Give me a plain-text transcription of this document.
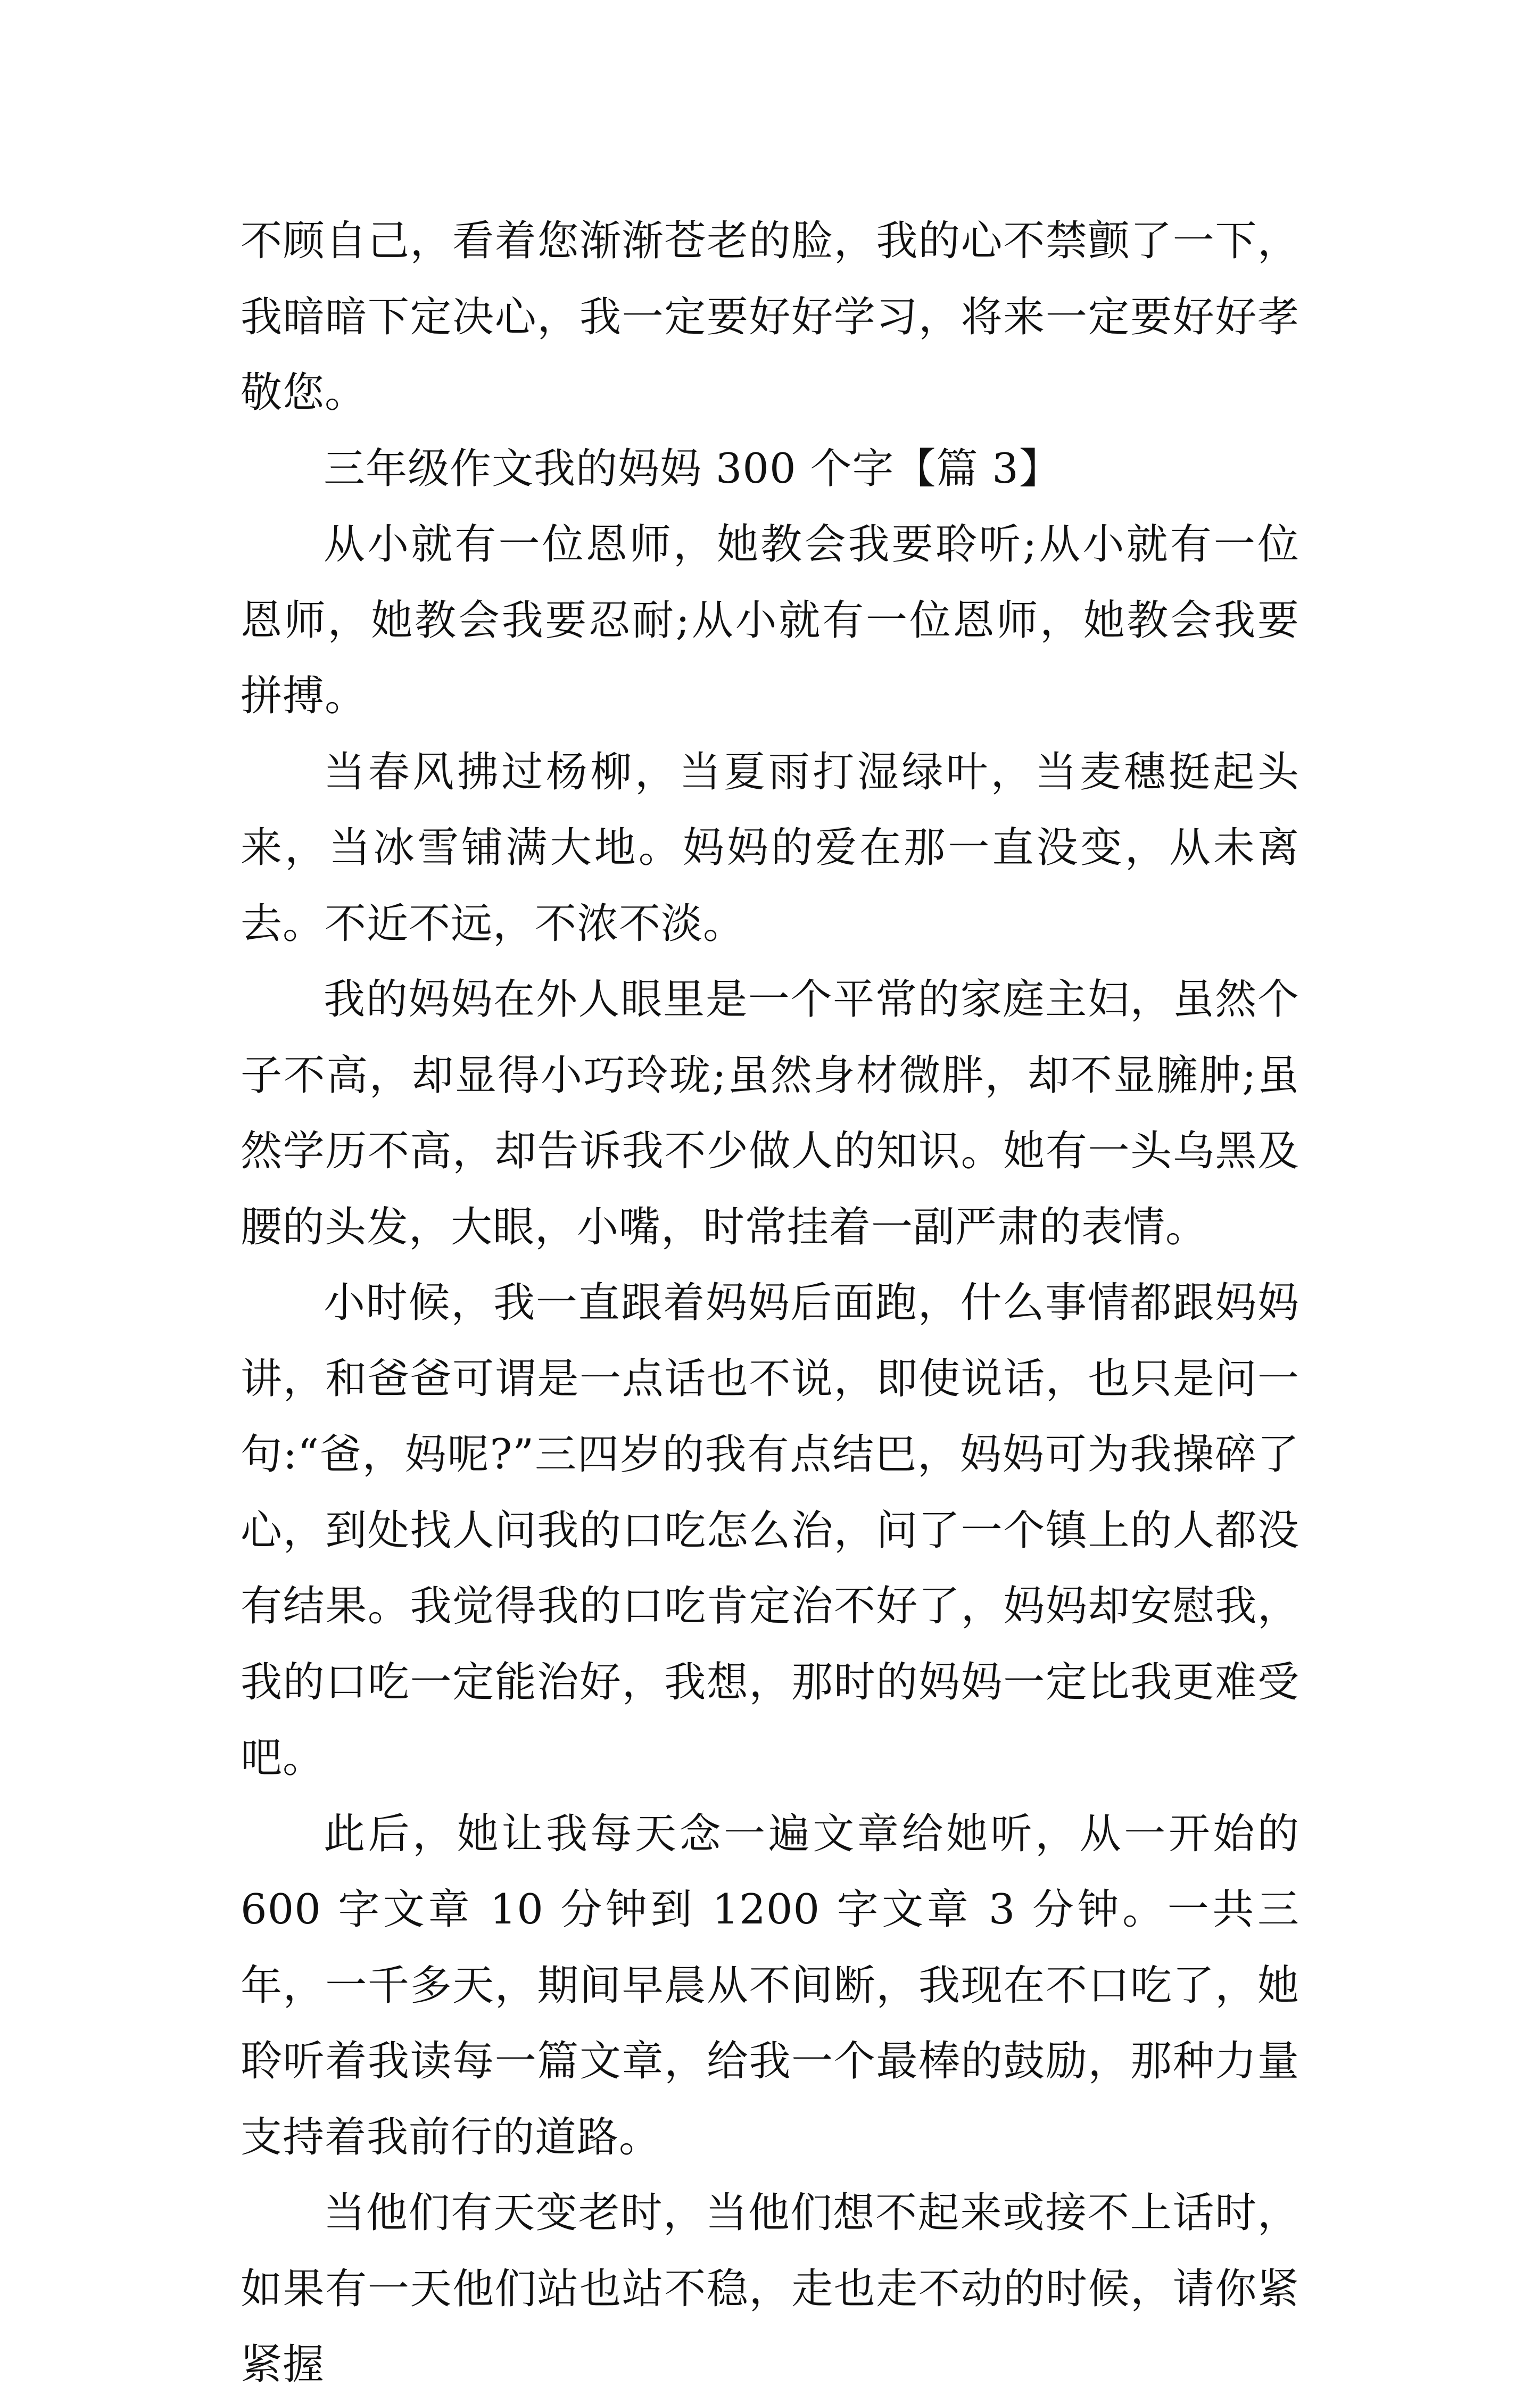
不顾自己，看着您渐渐苍老的脸，我的心不禁颤了一下，我暗暗下定决心，我一定要好好学习，将来一定要好好孝敬您。

三年级作文我的妈妈 300 个字【篇 3】

从小就有一位恩师，她教会我要聆听;从小就有一位恩师，她教会我要忍耐;从小就有一位恩师，她教会我要拼搏。

当春风拂过杨柳，当夏雨打湿绿叶，当麦穗挺起头来，当冰雪铺满大地。妈妈的爱在那一直没变，从未离去。不近不远，不浓不淡。

我的妈妈在外人眼里是一个平常的家庭主妇，虽然个子不高，却显得小巧玲珑;虽然身材微胖，却不显臃肿;虽然学历不高，却告诉我不少做人的知识。她有一头乌黑及腰的头发，大眼，小嘴，时常挂着一副严肃的表情。

小时候，我一直跟着妈妈后面跑，什么事情都跟妈妈讲，和爸爸可谓是一点话也不说，即使说话，也只是问一句:“爸，妈呢?”三四岁的我有点结巴，妈妈可为我操碎了心，到处找人问我的口吃怎么治，问了一个镇上的人都没有结果。我觉得我的口吃肯定治不好了，妈妈却安慰我，我的口吃一定能治好，我想，那时的妈妈一定比我更难受吧。

此后，她让我每天念一遍文章给她听，从一开始的 600 字文章 10 分钟到 1200 字文章 3 分钟。一共三年，一千多天，期间早晨从不间断，我现在不口吃了，她聆听着我读每一篇文章，给我一个最棒的鼓励，那种力量支持着我前行的道路。

当他们有天变老时，当他们想不起来或接不上话时，如果有一天他们站也站不稳，走也走不动的时候，请你紧紧握
